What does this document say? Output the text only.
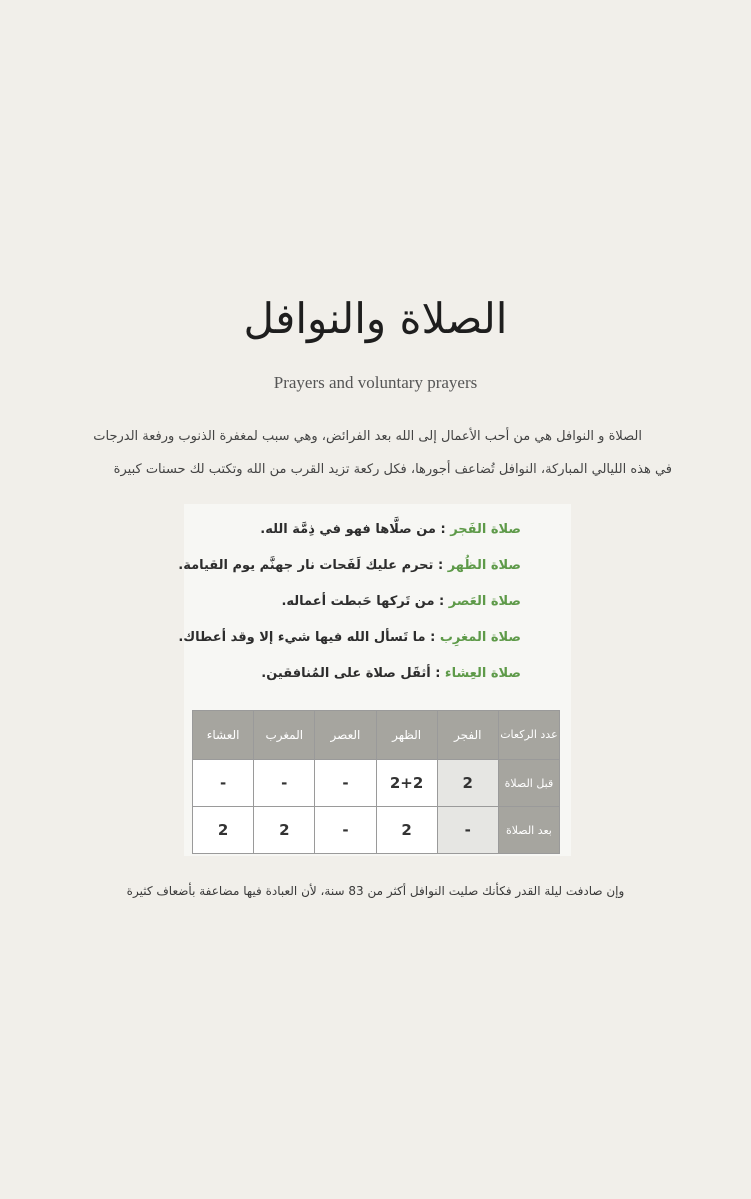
الصلاة والنوافل
Prayers and voluntary prayers
الصلاة و النوافل هي من أحب الأعمال إلى الله بعد الفرائض، وهي سبب لمغفرة الذنوب ورفعة الدرجات
في هذه الليالي المباركة، النوافل تُضاعف أجورها، فكل ركعة تزيد القرب من الله وتكتب لك حسنات كبيرة
صلاة الفَجر : من صلَّاها فهو في ذِمَّة الله.
صلاة الظُهر : تحرم عليك لَفَحات نار جهنَّم يوم القيامة.
صلاة العَصر : من تَركها حَبطت أعماله.
صلاة المغرِب : ما تَسأل الله فيها شيء إلا وقد أعطاك.
صلاة العِشاء : أثقَل صلاة على المُنافقين.
عدد الركعات	الفجر	الظهر	العصر	المغرب	العشاء
قبل الصلاة	2	2+2	-	-	-
بعد الصلاة	-	2	-	2	2
وإن صادفت ليلة القدر فكأنك صليت النوافل أكثر من 83 سنة، لأن العبادة فيها مضاعفة بأضعاف كثيرة
